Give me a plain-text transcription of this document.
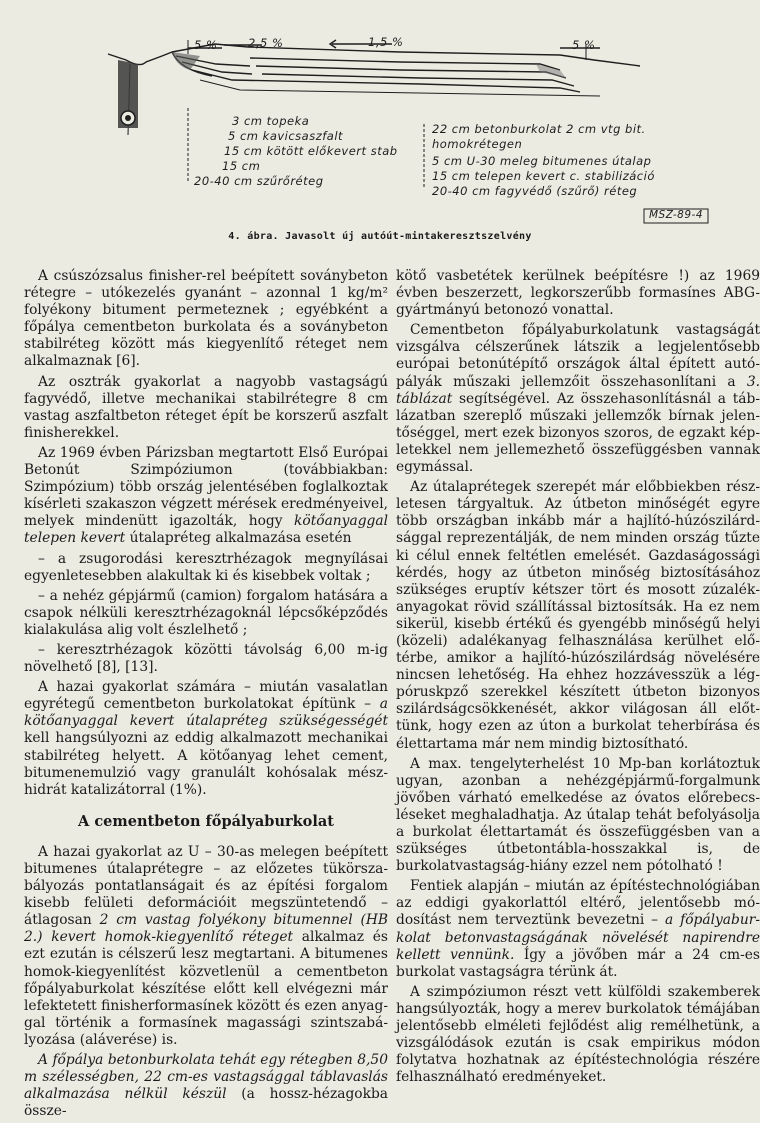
5 %	2,5 %	1,5 %	5 %
3 cm topeka
5 cm kavicsaszfalt
15 cm kötött előkevert stab
15 cm
20-40 cm szűrőréteg
22 cm betonburkolat 2 cm vtg bit. homokrétegen
5 cm U-30 meleg bitumenes útalap
15 cm telepen kevert c. stabilizáció
20-40 cm fagyvédő (szűrő) réteg
MSZ-89-4
4. ábra. Javasolt új autóút-mintakeresztszelvény

A csúszózsalus finisher-rel beépített soványbeton rétegre – utókezelés gyanánt – azonnal 1 kg/m² folyékony bitument permeteznek ; egyébként a főpálya cementbeton burkolata és a soványbeton stabilréteg között más kiegyenlítő réteget nem alkalmaznak [6].

Az osztrák gyakorlat a nagyobb vastagságú fagyvédő, illetve mechanikai stabilrétegre 8 cm vastag aszfaltbeton réteget épít be korszerű aszfalt finisherekkel.

Az 1969 évben Párizsban megtartott Első Európai Betonút Szimpóziumon (továbbiakban: Szimpózium) több ország jelentésében foglalkoztak kísérleti szakaszon végzett mérések eredményeivel, melyek mindenütt igazolták, hogy kötőanyaggal telepen kevert útalapréteg alkalmazása esetén

– a zsugorodási keresztrhézagok megnyílásai egyenletesebben alakultak ki és kisebbek voltak ;

– a nehéz gépjármű (camion) forgalom hatására a csapok nélküli keresztrhézagoknál lépcsőképződés kialakulása alig volt észlelhető ;

– keresztrhézagok közötti távolság 6,00 m-ig növelhető [8], [13].

A hazai gyakorlat számára – miután vasalatlan egyrétegű cementbeton burkolatokat építünk – a kötőanyaggal kevert útalapréteg szükségességét kell hangsúlyozni az eddig alkalmazott mechanikai stabilréteg helyett. A kötőanyag lehet cement, bitumenemulzió vagy granulált kohósalak mészhidrát katalizátorral (1%).

A cementbeton főpályaburkolat

A hazai gyakorlat az U – 30-as melegen beépített bitumenes útalaprétegre – az előzetes tükörszabályozás pontatlanságait és az építési forgalom kisebb felületi deformációit megszüntetendő – átlagosan 2 cm vastag folyékony bitumennel (HB 2.) kevert homok-kiegyenlítő réteget alkalmaz és ezt ezután is célszerű lesz megtartani. A bitumenes homok-kiegyenlítést közvetlenül a cementbeton főpályaburkolat készítése előtt kell elvégezni már lefektetett finisherformasínek között és ezen anyaggal történik a formasínek magassági szintszabályozása (aláverése) is.

A főpálya betonburkolata tehát egy rétegben 8,50 m szélességben, 22 cm-es vastagsággal táblavaslás alkalmazása nélkül készül (a hossz-hézagokba össze-

kötő vasbetétek kerülnek beépítésre !) az 1969 évben beszerzett, legkorszerűbb formasínes ABG-gyártmányú betonozó vonattal.

Cementbeton főpályaburkolatunk vastagságát vizsgálva célszerűnek látszik a legjelentősebb európai betonútépítő országok által épített autópályák műszaki jellemzőit összehasonlítani a 3. táblázat segítségével. Az összehasonlításnál a táblázatban szereplő műszaki jellemzők bírnak jelentőséggel, mert ezek bizonyos szoros, de egzakt képletekkel nem jellemezhető összefüggésben vannak egymással.

Az útalaprétegek szerepét már előbbiekben részletesen tárgyaltuk. Az útbeton minőségét egyre több országban inkább már a hajlító-húzószilárdsággal reprezentálják, de nem minden ország tűzte ki célul ennek feltétlen emelését. Gazdaságossági kérdés, hogy az útbeton minőség biztosításához szükséges eruptív kétszer tört és mosott zúzalékanyagokat rövid szállítással biztosítsák. Ha ez nem sikerül, kisebb értékű és gyengébb minőségű helyi (közeli) adalékanyag felhasználása kerülhet előtérbe, amikor a hajlító-húzószilárdság növelésére nincsen lehetőség. Ha ehhez hozzávesszük a légpóruskpző szerekkel készített útbeton bizonyos szilárdságcsökkenését, akkor világosan áll előttünk, hogy ezen az úton a burkolat teherbírása és élettartama már nem mindig biztosítható.

A max. tengelyterhelést 10 Mp-ban korlátoztuk ugyan, azonban a nehézgépjármű-forgalmunk jövőben várható emelkedése az óvatos előrebecsléseket meghaladhatja. Az útalap tehát befolyásolja a burkolat élettartamát és összefüggésben van a szükséges útbetontábla-hosszakkal is, de burkolatvastagság-hiány ezzel nem pótolható !

Fentiek alapján – miután az építéstechnológiában az eddigi gyakorlattól eltérő, jelentősebb módosítást nem terveztünk bevezetni – a főpályaburkolat betonvastagságának növelését napirendre kellett vennünk. Így a jövőben már a 24 cm-es burkolat vastagságra térünk át.

A szimpóziumon részt vett külföldi szakemberek hangsúlyozták, hogy a merev burkolatok témájában jelentősebb elméleti fejlődést alig remélhetünk, a vizsgálódások ezután is csak empirikus módon folytatva hozhatnak az építéstechnológia részére felhasználható eredményeket.
